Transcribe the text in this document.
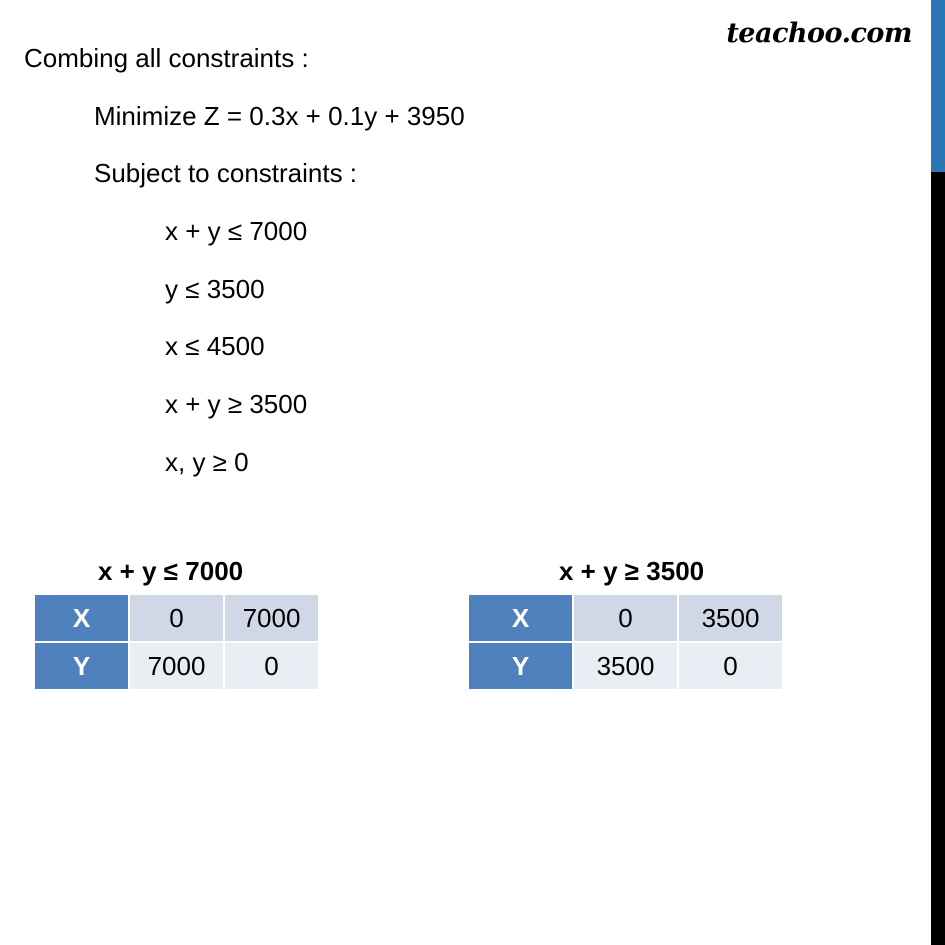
teachoo.com
Combing all constraints :
Minimize Z = 0.3x + 0.1y + 3950
Subject to constraints :
x + y ≤ 7000
y ≤ 3500
x ≤ 4500
x + y ≥ 3500
x, y ≥ 0
x + y ≤ 7000
X	0	7000
Y	7000	0
x + y ≥ 3500
X	0	3500
Y	3500	0
